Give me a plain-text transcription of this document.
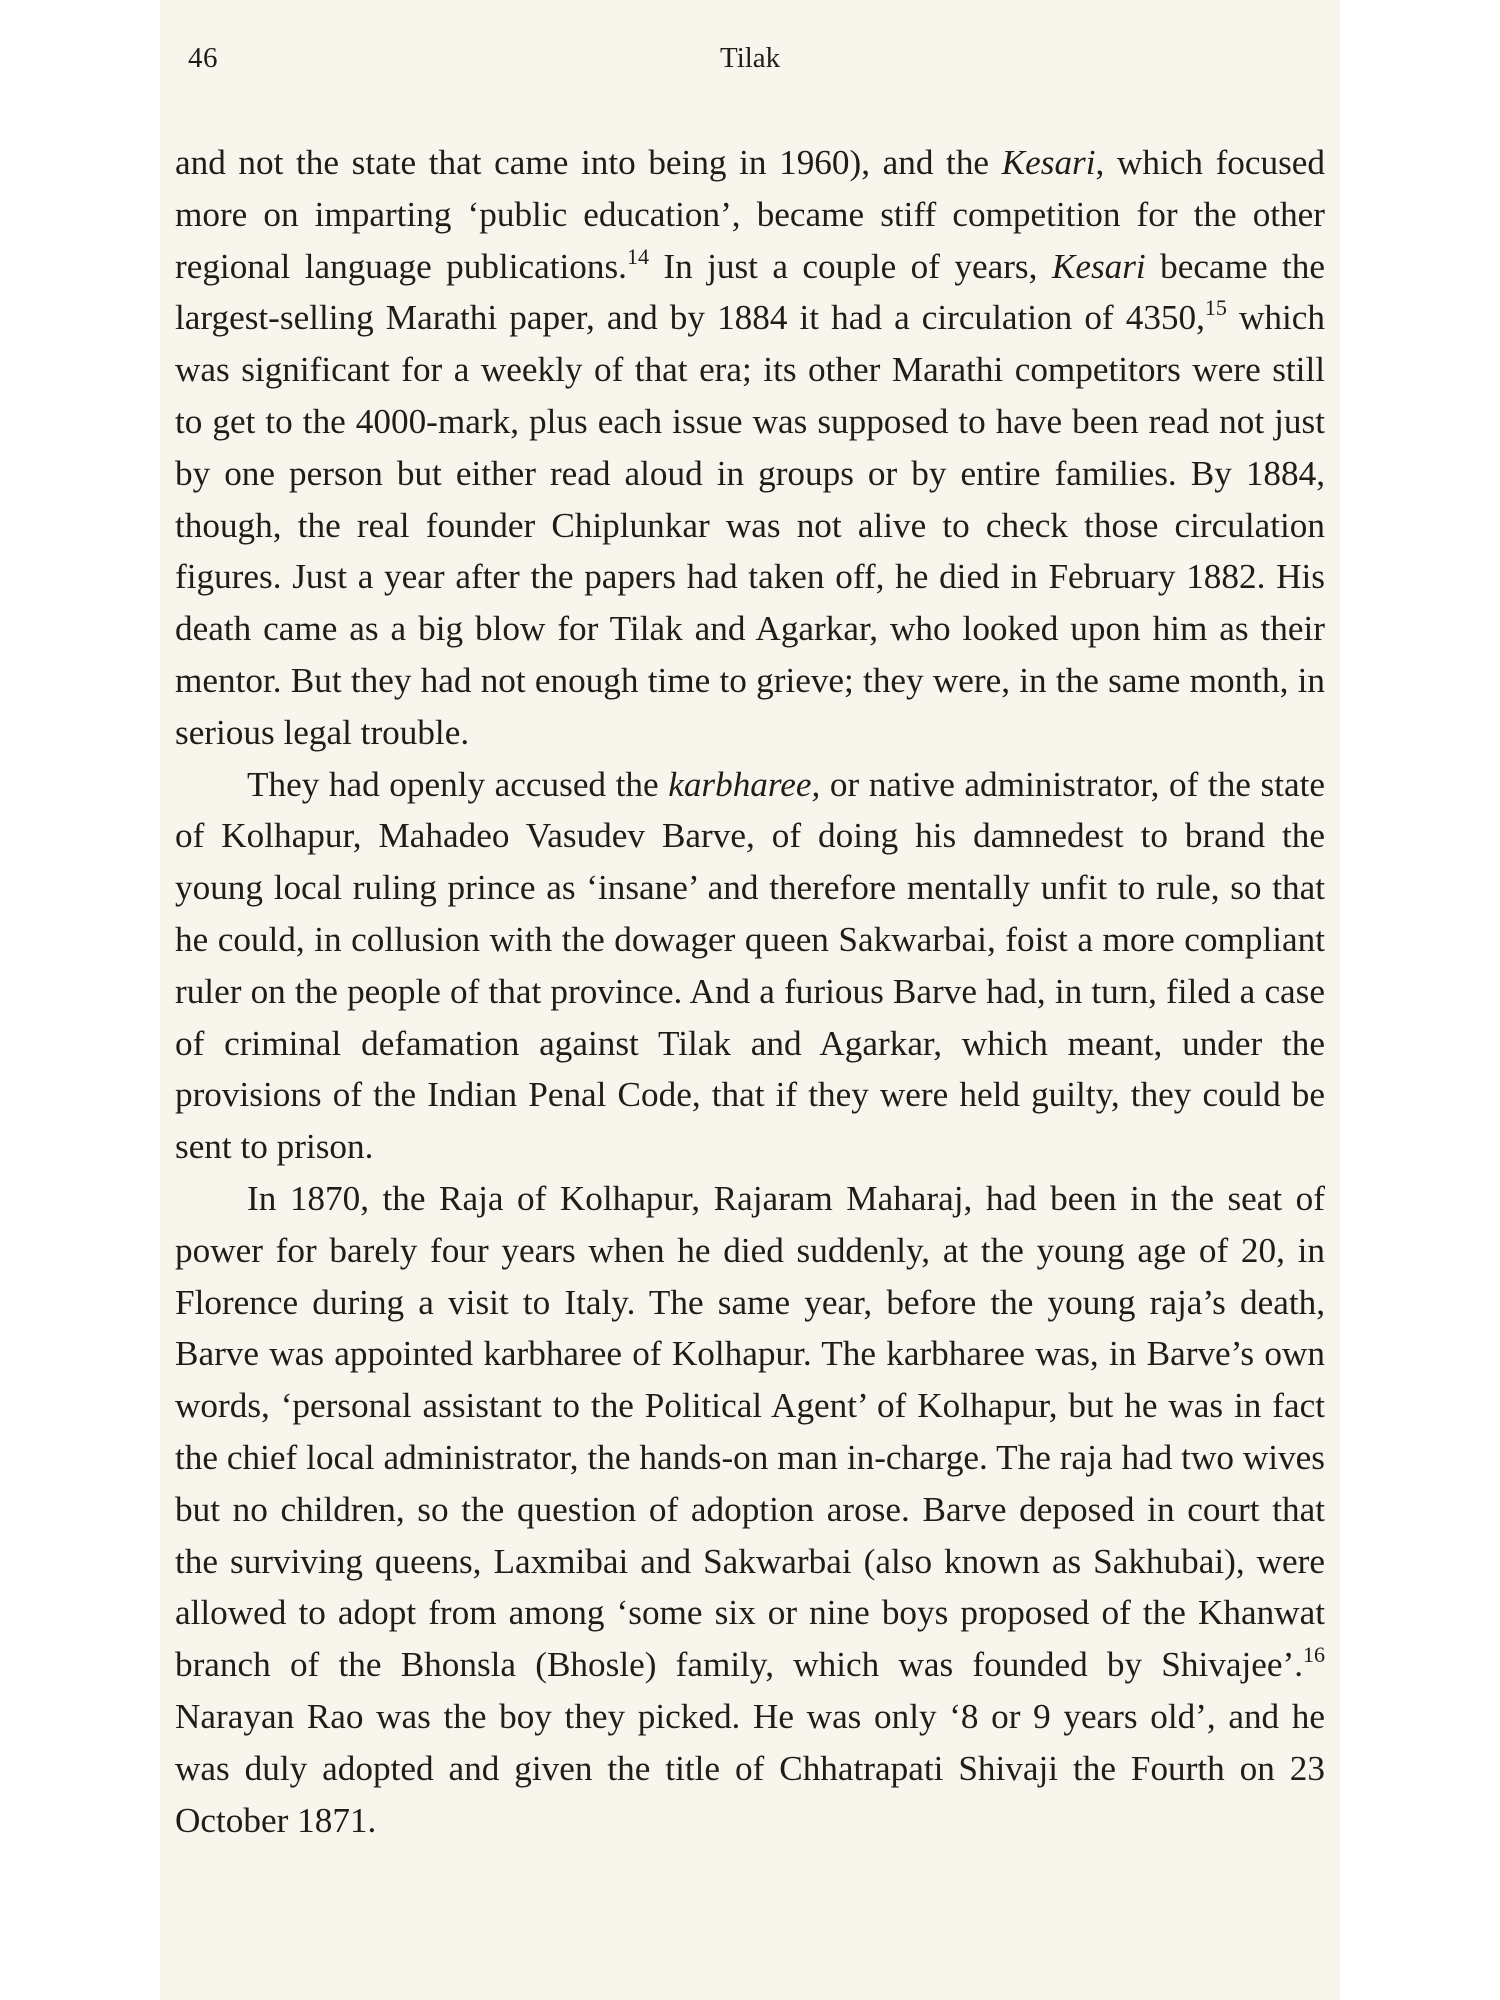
46	Tilak

and not the state that came into being in 1960), and the Kesari, which focused more on imparting ‘public education’, became stiff competition for the other regional language publications.$^{14}$ In just a couple of years, Kesari became the largest-selling Marathi paper, and by 1884 it had a circulation of 4350,15 which was significant for a weekly of that era; its other Marathi competitors were still to get to the 4000-mark, plus each issue was supposed to have been read not just by one person but either read aloud in groups or by entire families. By 1884, though, the real founder Chiplunkar was not alive to check those circulation figures. Just a year after the papers had taken off, he died in February 1882. His death came as a big blow for Tilak and Agarkar, who looked upon him as their mentor. But they had not enough time to grieve; they were, in the same month, in serious legal trouble.

They had openly accused the karbharee, or native administrator, of the state of Kolhapur, Mahadeo Vasudev Barve, of doing his damnedest to brand the young local ruling prince as ‘insane’ and therefore mentally unfit to rule, so that he could, in collusion with the dowager queen Sakwarbai, foist a more compliant ruler on the people of that province. And a furious Barve had, in turn, filed a case of criminal defamation against Tilak and Agarkar, which meant, under the provisions of the Indian Penal Code, that if they were held guilty, they could be sent to prison.

In 1870, the Raja of Kolhapur, Rajaram Maharaj, had been in the seat of power for barely four years when he died suddenly, at the young age of 20, in Florence during a visit to Italy. The same year, before the young raja’s death, Barve was appointed karbharee of Kolhapur. The karbharee was, in Barve’s own words, ‘personal assistant to the Political Agent’ of Kolhapur, but he was in fact the chief local administrator, the hands-on man in-charge. The raja had two wives but no children, so the question of adoption arose. Barve deposed in court that the surviving queens, Laxmibai and Sakwarbai (also known as Sakhubai), were allowed to adopt from among ‘some six or nine boys proposed of the Khanwat branch of the Bhonsla (Bhosle) family, which was founded by Shivajee’.$^{16}$ Narayan Rao was the boy they picked. He was only ‘8 or 9 years old’, and he was duly adopted and given the title of Chhatrapati Shivaji the Fourth on 23 October 1871.
